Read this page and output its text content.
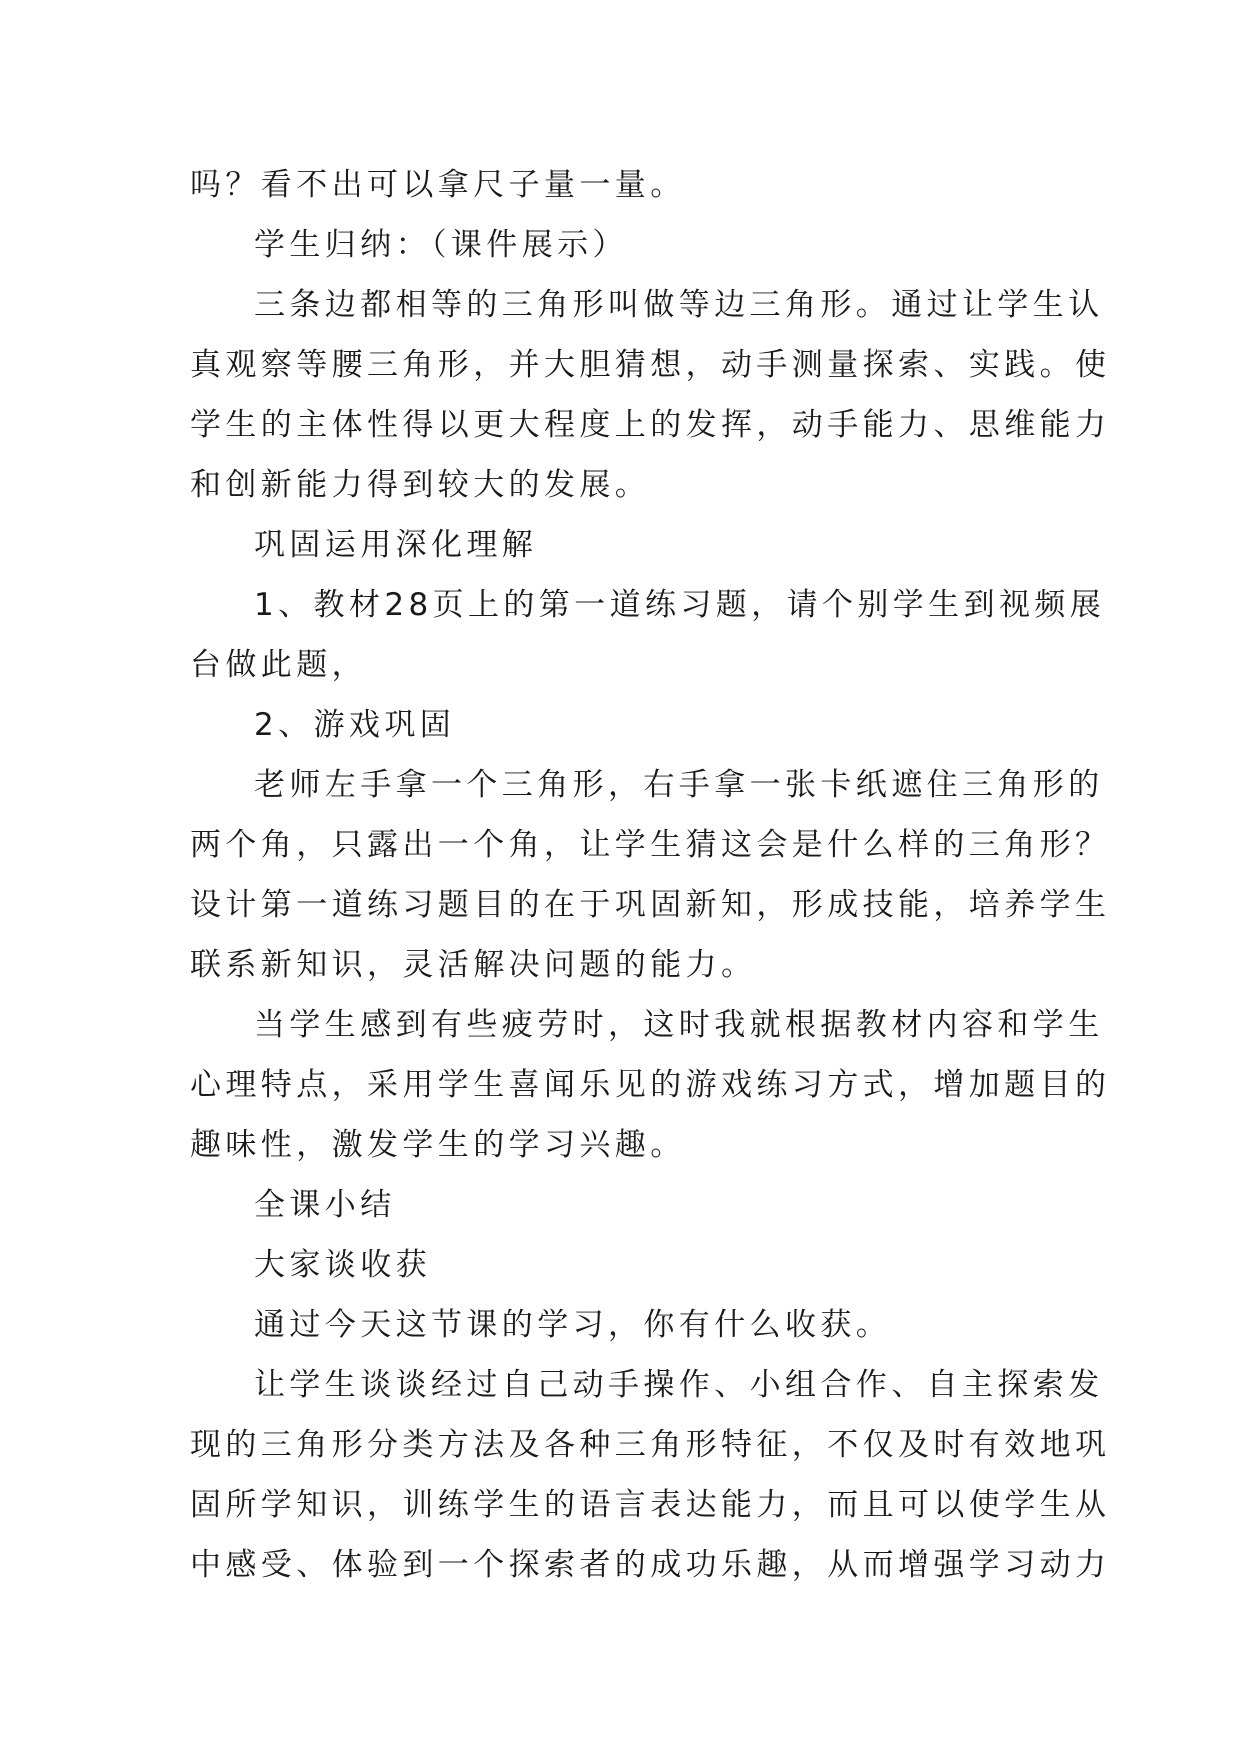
吗？看不出可以拿尺子量一量。
学生归纳：（课件展示）
三条边都相等的三角形叫做等边三角形。通过让学生认
真观察等腰三角形，并大胆猜想，动手测量探索、实践。使
学生的主体性得以更大程度上的发挥，动手能力、思维能力
和创新能力得到较大的发展。
巩固运用深化理解
1、教材28页上的第一道练习题，请个别学生到视频展
台做此题，
2、游戏巩固
老师左手拿一个三角形，右手拿一张卡纸遮住三角形的
两个角，只露出一个角，让学生猜这会是什么样的三角形？
设计第一道练习题目的在于巩固新知，形成技能，培养学生
联系新知识，灵活解决问题的能力。
当学生感到有些疲劳时，这时我就根据教材内容和学生
心理特点，采用学生喜闻乐见的游戏练习方式，增加题目的
趣味性，激发学生的学习兴趣。
全课小结
大家谈收获
通过今天这节课的学习，你有什么收获。
让学生谈谈经过自己动手操作、小组合作、自主探索发
现的三角形分类方法及各种三角形特征，不仅及时有效地巩
固所学知识，训练学生的语言表达能力，而且可以使学生从
中感受、体验到一个探索者的成功乐趣，从而增强学习动力
